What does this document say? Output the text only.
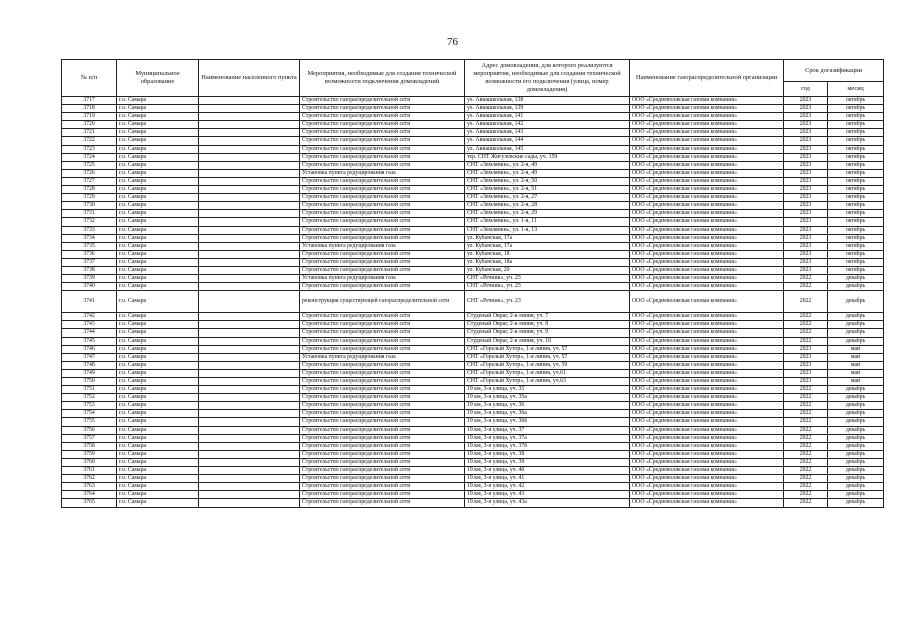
76
№ п/п	Муниципальное образование	Наименование населенного пункта	Мероприятия, необходимые для создания технической возможности подключения домовладений	Адрес домовладения, для которого реализуются мероприятия, необходимые для создания технической возможности его подключения (улица, номер домовладения)	Наименование газораспределительной организации	Срок догазификации	
						год	месяц
3717	г.о. Самара		Строительство газораспределительной сети	ул. Авиашкольная, 138	ООО «Средневолжская газовая компания»	2023	октябрь
3718	г.о. Самара		Строительство газораспределительной сети	ул. Авиашкольная, 139	ООО «Средневолжская газовая компания»	2023	октябрь
3719	г.о. Самара		Строительство газораспределительной сети	ул. Авиашкольная, 141	ООО «Средневолжская газовая компания»	2023	октябрь
3720	г.о. Самара		Строительство газораспределительной сети	ул. Авиашкольная, 142	ООО «Средневолжская газовая компания»	2023	октябрь
3721	г.о. Самара		Строительство газораспределительной сети	ул. Авиашкольная, 143	ООО «Средневолжская газовая компания»	2023	октябрь
3722	г.о. Самара		Строительство газораспределительной сети	ул. Авиашкольная, 144	ООО «Средневолжская газовая компания»	2023	октябрь
3723	г.о. Самара		Строительство газораспределительной сети	ул. Авиашкольная, 145	ООО «Средневолжская газовая компания»	2023	октябрь
3724	г.о. Самара		Строительство газораспределительной сети	тер. СНТ Жигулевские сады, уч. 159	ООО «Средневолжская газовая компания»	2023	октябрь
3725	г.о. Самара		Строительство газораспределительной сети	СНТ «Землянки», ул. 2-я, 49	ООО «Средневолжская газовая компания»	2023	октябрь
3726	г.о. Самара		Установка пункта редуцирования газа	СНТ «Землянки», ул. 2-я, 49	ООО «Средневолжская газовая компания»	2023	октябрь
3727	г.о. Самара		Строительство газораспределительной сети	СНТ «Землянки», ул. 2-я, 50	ООО «Средневолжская газовая компания»	2023	октябрь
3728	г.о. Самара		Строительство газораспределительной сети	СНТ «Землянки», ул. 2-я, 51	ООО «Средневолжская газовая компания»	2023	октябрь
3729	г.о. Самара		Строительство газораспределительной сети	СНТ «Землянки», ул. 2-я, 27	ООО «Средневолжская газовая компания»	2023	октябрь
3730	г.о. Самара		Строительство газораспределительной сети	СНТ «Землянки», ул. 2-я, 28	ООО «Средневолжская газовая компания»	2023	октябрь
3731	г.о. Самара		Строительство газораспределительной сети	СНТ «Землянки», ул. 2-я, 29	ООО «Средневолжская газовая компания»	2023	октябрь
3732	г.о. Самара		Строительство газораспределительной сети	СНТ «Землянки», ул. 1-я, 11	ООО «Средневолжская газовая компания»	2023	октябрь
3733	г.о. Самара		Строительство газораспределительной сети	СНТ «Землянки», ул. 1-я, 13	ООО «Средневолжская газовая компания»	2023	октябрь
3734	г.о. Самара		Строительство газораспределительной сети	ул. Кубанская, 17а	ООО «Средневолжская газовая компания»	2023	октябрь
3735	г.о. Самара		Установка пункта редуцирования газа	ул. Кубанская, 17а	ООО «Средневолжская газовая компания»	2023	октябрь
3736	г.о. Самара		Строительство газораспределительной сети	ул. Кубанская, 18	ООО «Средневолжская газовая компания»	2023	октябрь
3737	г.о. Самара		Строительство газораспределительной сети	ул. Кубанская, 18а	ООО «Средневолжская газовая компания»	2023	октябрь
3738	г.о. Самара		Строительство газораспределительной сети	ул. Кубанская, 20	ООО «Средневолжская газовая компания»	2023	октябрь
3739	г.о. Самара		Установка пункта редуцирования газа	СНТ «Речник», уч. 23	ООО «Средневолжская газовая компания»	2022	декабрь
3740	г.о. Самара		Строительство газораспределительной сети	СНТ «Речник», уч. 23	ООО «Средневолжская газовая компания»	2022	декабрь
3741	г.о. Самара		реконструкция существующей газораспределительной сети	СНТ «Речник», уч. 23	ООО «Средневолжская газовая компания»	2022	декабрь
3742	г.о. Самара		Строительство газораспределительной сети	Студеный Овраг, 2-я линия, уч. 7	ООО «Средневолжская газовая компания»	2022	декабрь
3743	г.о. Самара		Строительство газораспределительной сети	Студеный Овраг, 2-я линия, уч. 8	ООО «Средневолжская газовая компания»	2022	декабрь
3744	г.о. Самара		Строительство газораспределительной сети	Студеный Овраг, 2-я линия, уч. 9	ООО «Средневолжская газовая компания»	2022	декабрь
3745	г.о. Самара		Строительство газораспределительной сети	Студеный Овраг, 2-я линия, уч. 10	ООО «Средневолжская газовая компания»	2022	декабрь
3746	г.о. Самара		Строительство газораспределительной сети	СНТ «Горелый Хутор», 1-я линия, уч. 57	ООО «Средневолжская газовая компания»	2023	май
3747	г.о. Самара		Установка пункта редуцирования газа	СНТ «Горелый Хутор», 1-я линия, уч. 57	ООО «Средневолжская газовая компания»	2023	май
3748	г.о. Самара		Строительство газораспределительной сети	СНТ «Горелый Хутор», 1-я линия, уч. 59	ООО «Средневолжская газовая компания»	2023	май
3749	г.о. Самара		Строительство газораспределительной сети	СНТ «Горелый Хутор», 1-я линия, уч.61	ООО «Средневолжская газовая компания»	2023	май
3750	г.о. Самара		Строительство газораспределительной сети	СНТ «Горелый Хутор», 1-я линия, уч.63	ООО «Средневолжская газовая компания»	2023	май
3751	г.о. Самара		Строительство газораспределительной сети	19 км, 3-я улица, уч. 35	ООО «Средневолжская газовая компания»	2022	декабрь
3752	г.о. Самара		Строительство газораспределительной сети	19 км, 3-я улица, уч. 35а	ООО «Средневолжская газовая компания»	2022	декабрь
3753	г.о. Самара		Строительство газораспределительной сети	19 км, 3-я улица, уч. 36	ООО «Средневолжская газовая компания»	2022	декабрь
3754	г.о. Самара		Строительство газораспределительной сети	19 км, 3-я улица, уч. 36а	ООО «Средневолжская газовая компания»	2022	декабрь
3755	г.о. Самара		Строительство газораспределительной сети	19 км, 3-я улица, уч. 36б	ООО «Средневолжская газовая компания»	2022	декабрь
3756	г.о. Самара		Строительство газораспределительной сети	19 км, 3-я улица, уч. 37	ООО «Средневолжская газовая компания»	2022	декабрь
3757	г.о. Самара		Строительство газораспределительной сети	19 км, 3-я улица, уч. 37а	ООО «Средневолжская газовая компания»	2022	декабрь
3758	г.о. Самара		Строительство газораспределительной сети	19 км, 3-я улица, уч. 37б	ООО «Средневолжская газовая компания»	2022	декабрь
3759	г.о. Самара		Строительство газораспределительной сети	19 км, 3-я улица, уч. 38	ООО «Средневолжская газовая компания»	2022	декабрь
3760	г.о. Самара		Строительство газораспределительной сети	19 км, 3-я улица, уч. 39	ООО «Средневолжская газовая компания»	2022	декабрь
3761	г.о. Самара		Строительство газораспределительной сети	19 км, 3-я улица, уч. 40	ООО «Средневолжская газовая компания»	2022	декабрь
3762	г.о. Самара		Строительство газораспределительной сети	19 км, 3-я улица, уч. 41	ООО «Средневолжская газовая компания»	2022	декабрь
3763	г.о. Самара		Строительство газораспределительной сети	19 км, 3-я улица, уч. 42	ООО «Средневолжская газовая компания»	2022	декабрь
3764	г.о. Самара		Строительство газораспределительной сети	19 км, 3-я улица, уч. 43	ООО «Средневолжская газовая компания»	2022	декабрь
3765	г.о. Самара		Строительство газораспределительной сети	19 км, 3-я улица, уч. 43а	ООО «Средневолжская газовая компания»	2022	декабрь
